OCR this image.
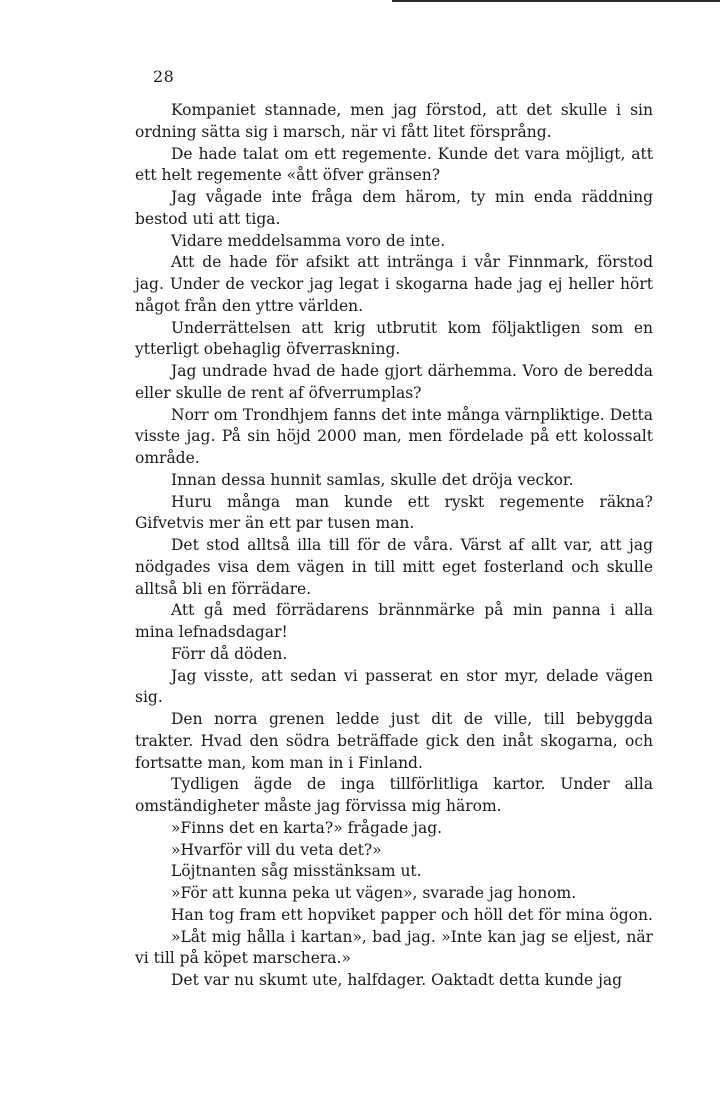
28

Kompaniet stannade, men jag förstod, att det skulle i sin ordning sätta sig i marsch, när vi fått litet försprång.

De hade talat om ett regemente. Kunde det vara möjligt, att ett helt regemente «ått öfver gränsen?

Jag vågade inte fråga dem härom, ty min enda räddning bestod uti att tiga.

Vidare meddelsamma voro de inte.

Att de hade för afsikt att intränga i vår Finnmark, förstod jag. Under de veckor jag legat i skogarna hade jag ej heller hört något från den yttre världen.

Underrättelsen att krig utbrutit kom följaktligen som en ytterligt obehaglig öfverraskning.

Jag undrade hvad de hade gjort därhemma. Voro de beredda eller skulle de rent af öfverrumplas?

Norr om Trondhjem fanns det inte många värnpliktige. Detta visste jag. På sin höjd 2000 man, men fördelade på ett kolossalt område.

Innan dessa hunnit samlas, skulle det dröja veckor.

Huru många man kunde ett ryskt regemente räkna? Gifvetvis mer än ett par tusen man.

Det stod alltså illa till för de våra. Värst af allt var, att jag nödgades visa dem vägen in till mitt eget fosterland och skulle alltså bli en förrädare.

Att gå med förrädarens brännmärke på min panna i alla mina lefnadsdagar!

Förr då döden.

Jag visste, att sedan vi passerat en stor myr, delade vägen sig.

Den norra grenen ledde just dit de ville, till bebyggda trakter. Hvad den södra beträffade gick den inåt skogarna, och fortsatte man, kom man in i Finland.

Tydligen ägde de inga tillförlitliga kartor. Under alla omständigheter måste jag förvissa mig härom.

»Finns det en karta?» frågade jag.

»Hvarför vill du veta det?»

Löjtnanten såg misstänksam ut.

»För att kunna peka ut vägen», svarade jag honom.

Han tog fram ett hopviket papper och höll det för mina ögon.

»Låt mig hålla i kartan», bad jag. »Inte kan jag se eljest, när vi till på köpet marschera.»

Det var nu skumt ute, halfdager. Oaktadt detta kunde jag
